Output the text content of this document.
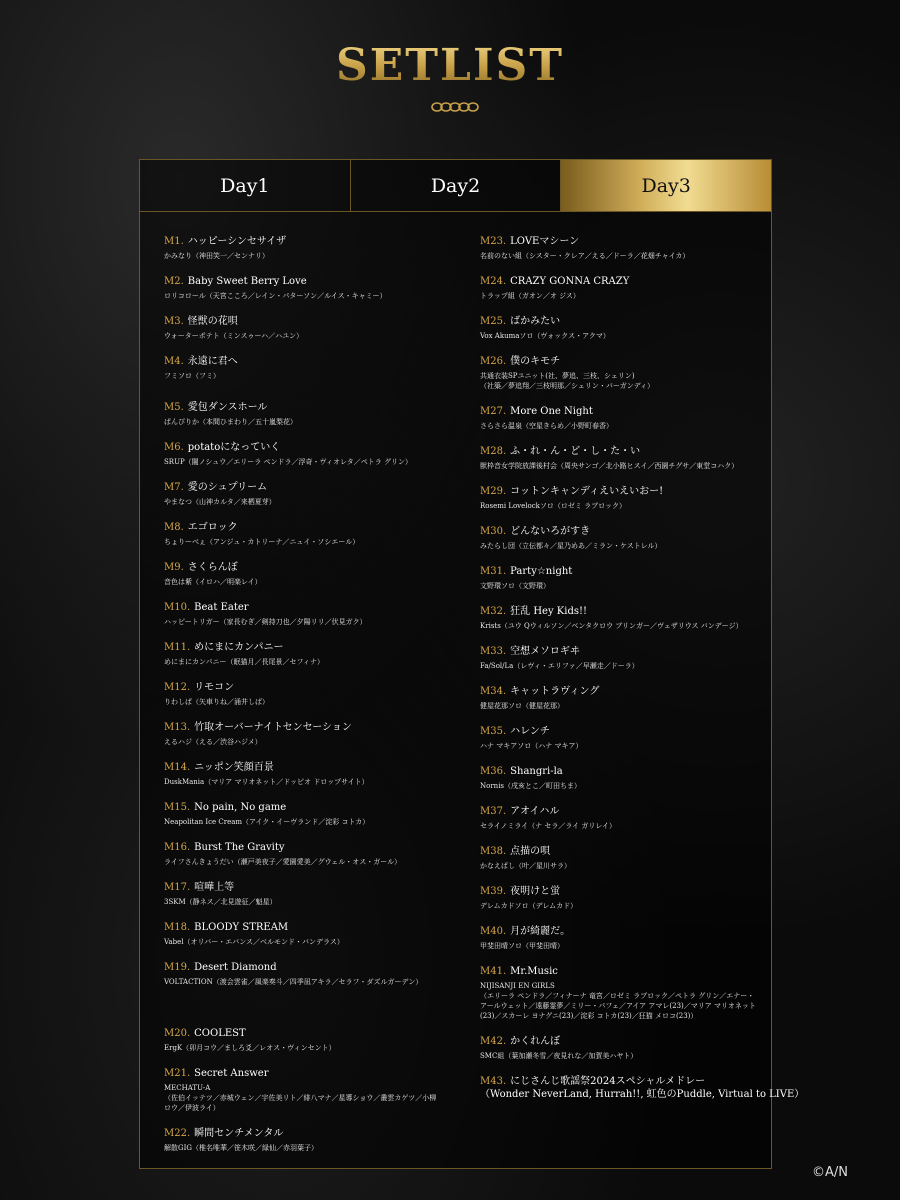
SETLIST
Day1	Day2	Day3
M1. ハッピーシンセサイザ
かみなり（神田笑一／センナリ）
M2. Baby Sweet Berry Love
ロリコロール（天宮こころ／レイン・パターソン／ルイス・キャミー）
M3. 怪獣の花唄
ウォーターポテト（ミンスゥーハ／ハユン）
M4. 永遠に君へ
フミソロ（フミ）
M5. 愛包ダンスホール
ぱんぴりか（本間ひまわり／五十嵐梨花）
M6. potatoになっていく
SRUP（闇ノシュウ／エリーラ ペンドラ／浮奇・ヴィオレタ／ペトラ グリン）
M7. 愛のシュプリーム
やまなつ（山神カルタ／来栖夏芽）
M8. エゴロック
ちょりーべぇ（アンジュ・カトリーナ／ニュイ・ソシエール）
M9. さくらんぼ
音色は紫（イロハ／明楽レイ）
M10. Beat Eater
ハッピートリガー（家長むぎ／剣持刀也／夕陽リリ／伏見ガク）
M11. めにまにカンパニー
めにまにカンパニー（眠猫月／長尾景／セフィナ）
M12. リモコン
りわしぱ（矢車りね／涌井しば）
M13. 竹取オーバーナイトセンセーション
えるハジ（える／渋谷ハジメ）
M14. ニッポン笑顔百景
DuskMania（マリア マリオネット／ドッピオ ドロップサイト）
M15. No pain, No game
Neapolitan Ice Cream（アイク・イーヴランド／淀彩 コトカ）
M16. Burst The Gravity
ライフさんきょうだい（瀬戸美夜子／愛園愛美／グウェル・オス・ガール）
M17. 喧嘩上等
3SKM（静ネス／北見遊征／魁星）
M18. BLOODY STREAM
Vabel（オリバー・エバンス／ベルモンド・バンデラス）
M19. Desert Diamond
VOLTACTION（渡会雲雀／風楽奏斗／四季凪アキラ／セラフ・ダズルガーデン）
M20. COOLEST
ErgK（卯月コウ／ましろ爻／レオス・ヴィンセント）
M21. Secret Answer
MECHATU-A
（佐伯イッテツ／赤城ウェン／宇佐美リト／緋八マナ／星導ショウ／叢雲カゲツ／小柳
ロウ／伊波ライ）
M22. 瞬間センチメンタル
解散GIG（椎名唯華／笹木咲／緑仙／赤羽葉子）
M23. LOVEマシーン
名前のない組（シスター・クレア／える／ドーラ／花畑チャイカ）
M24. CRAZY GONNA CRAZY
トラップ組（ガオン／オ ジス）
M25. ばかみたい
Vox Akumaソロ（ヴォックス・アクマ）
M26. 僕のキモチ
共通衣装SPユニット(社、夢追、三枝、シェリン)
（社築／夢追翔／三枝明那／シェリン・バーガンディ）
M27. More One Night
さらさら温泉（空星きらめ／小野町春香）
M28. ふ・れ・ん・ど・し・た・い
獣枠音女学院放課後村会（周央サンゴ／北小路ヒスイ／西園チグサ／東堂コハク）
M29. コットンキャンディえいえいおー!
Rosemi Lovelockソロ（ロゼミ ラブロック）
M30. どんないろがすき
みたらし団（立伝都々／星乃めあ／ミラン・ケストレル）
M31. Party☆night
文野環ソロ（文野環）
M32. 狂乱 Hey Kids!!
Krists（ユウ Qウィルソン／ベンタクロウ ブリンガー／ヴェザリウス バンデージ）
M33. 空想メソロギヰ
Fa/Sol/La（レヴィ・エリファ／早瀬走／ドーラ）
M34. キャットラヴィング
健屋花那ソロ（健屋花那）
M35. ハレンチ
ハナ マキアソロ（ハナ マキア）
M36. Shangri-la
Nornis（戌亥とこ／町田ちま）
M37. アオイハル
セライノミライ（ナ セラ／ライ ガリレイ）
M38. 点描の唄
かなえぱし（叶／星川サラ）
M39. 夜明けと蛍
デレムカドソロ（デレムカド）
M40. 月が綺麗だ。
甲斐田晴ソロ（甲斐田晴）
M41. Mr.Music
NIJISANJI EN GIRLS
（エリーラ ペンドラ／フィナーナ 竜宮／ロゼミ ラブロック／ペトラ グリン／エナー・
アールウェット／遠藤霊夢／ミリー・パフェ／アイア アマレ(23)／マリア マリオネット
(23)／スカーレ ヨナグニ(23)／淀彩 コトカ(23)／狂猫 メロコ(23)）
M42. かくれんぼ
SMC組（葉加瀬冬雪／夜見れな／加賀美ハヤト）
M43. にじさんじ歌謡祭2024スペシャルメドレー
（Wonder NeverLand, Hurrah!!, 虹色のPuddle, Virtual to LIVE）
©A/N
